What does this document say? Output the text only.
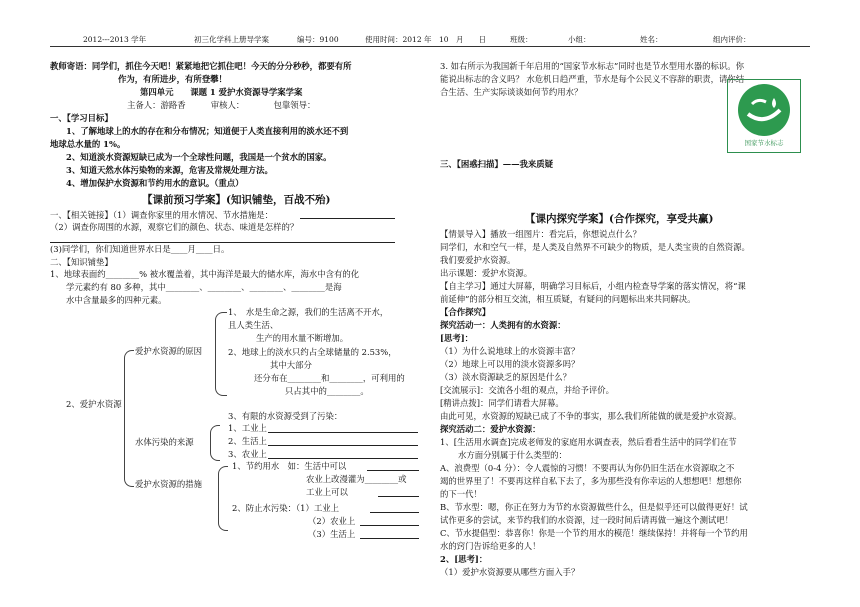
2012---2013 学年	初三化学科上册导学案	编号：9100	使用时间：2012 年　10　月　　日	班级：	小组：	姓名：	组内评价：
教师寄语：同学们，抓住今天吧！紧紧地把它抓住吧！今天的分分秒秒，都要有所
作为，有所进步，有所登攀！
第四单元　　课题 1 爱护水资源导学案学案
主备人：游路香　　　审核人：　　　　包靠领导：
一、【学习目标】
1、了解地球上的水的存在和分布情况；知道便于人类直接利用的淡水还不到
地球总水量的 1%。
2、知道淡水资源短缺已成为一个全球性问题，我国是一个贫水的国家。
3、知道天然水体污染物的来源，危害及常规处理方法。
4、增加保护水资源和节约用水的意识。（重点）
【课前预习学案】(知识铺垫，百战不殆)
一、【相关链接】（1）调查你家里的用水情况、节水措施是：
（2）调查你周围的水源，观察它们的颜色、状态、味道是怎样的？
(3)同学们，你们知道世界水日是____月____日。
二、【知识铺垫】
1、地球表面约________% 被水覆盖着，其中海洋是最大的储水库，海水中含有的化
学元素约有 80 多种，其中________、________、________、________是海
水中含量最多的四种元素。
1、　水是生命之源，我们的生活离不开水，
且人类生活、
生产的用水量不断增加。
爱护水资源的原因	2、地球上的淡水只约占全球储量的 2.53%，
其中大部分
还分布在________和________，可利用的
只占其中的________。
2、爱护水资源
3、有限的水资源受到了污染：
水体污染的来源
1、工业上
2、生活上
3、农业上
爱护水资源的措施
1、节约用水　如：生活中可以
农业上改漫灌为________或
工业上可以
2、防止水污染：（1）工业上
（2）农业上
（3）生活上
3. 如右所示为我国新千年启用的“国家节水标志”同时也是节水型用水器的标识。你
能说出标志的含义吗？ 水危机日趋严重，节水是每个公民义不容辞的职责，请你结
合生活、生产实际谈谈如何节约用水？
国家节水标志
三、【困惑扫描】——我来质疑
【课内探究学案】(合作探究，享受共赢)
【情景导入】播放一组图片：看完后，你想说点什么？
同学们，水和空气一样，是人类及自然界不可缺少的物质，是人类宝贵的自然资源。
我们要爱护水资源。
出示课题：爱护水资源。
【自主学习】通过大屏幕，明确学习目标后，小组内检查导学案的落实情况，将“课
前延伸”的部分相互交流，相互质疑，有疑问的问题标出来共同解决。
【合作探究】
探究活动一：人类拥有的水资源：
[思考]：
（1）为什么说地球上的水资源丰富？
（2）地球上可以用的淡水资源多吗？
（3）淡水资源缺乏的原因是什么？
[交流展示]：交流各小组的观点，并给予评价。
[精讲点拨]：同学们请看大屏幕。
由此可见，水资源的短缺已成了不争的事实，那么我们所能做的就是爱护水资源。
探究活动二：爱护水资源：
1、[生活用水调查]完成老师发的家庭用水调查表，然后看看生活中的同学们在节
水方面分别属于什么类型的：
A、浪费型（0-4 分）：令人震惊的习惯！不要再认为你仍旧生活在水资源取之不
竭的世界里了！不要再这样自私下去了，多为那些没有你幸运的人想想吧！想想你
的下一代！
B、节水型：嗯，你正在努力为节约水资源做些什么，但是似乎还可以做得更好！试
试作更多的尝试，来节约我们的水资源，过一段时间后请再做一遍这个测试吧！
C、节水提倡型：恭喜你！你是一个节约用水的模范！继续保持！并将每一个节约用
水的窍门告诉给更多的人！
2、[思考]：
（1）爱护水资源要从哪些方面入手？
